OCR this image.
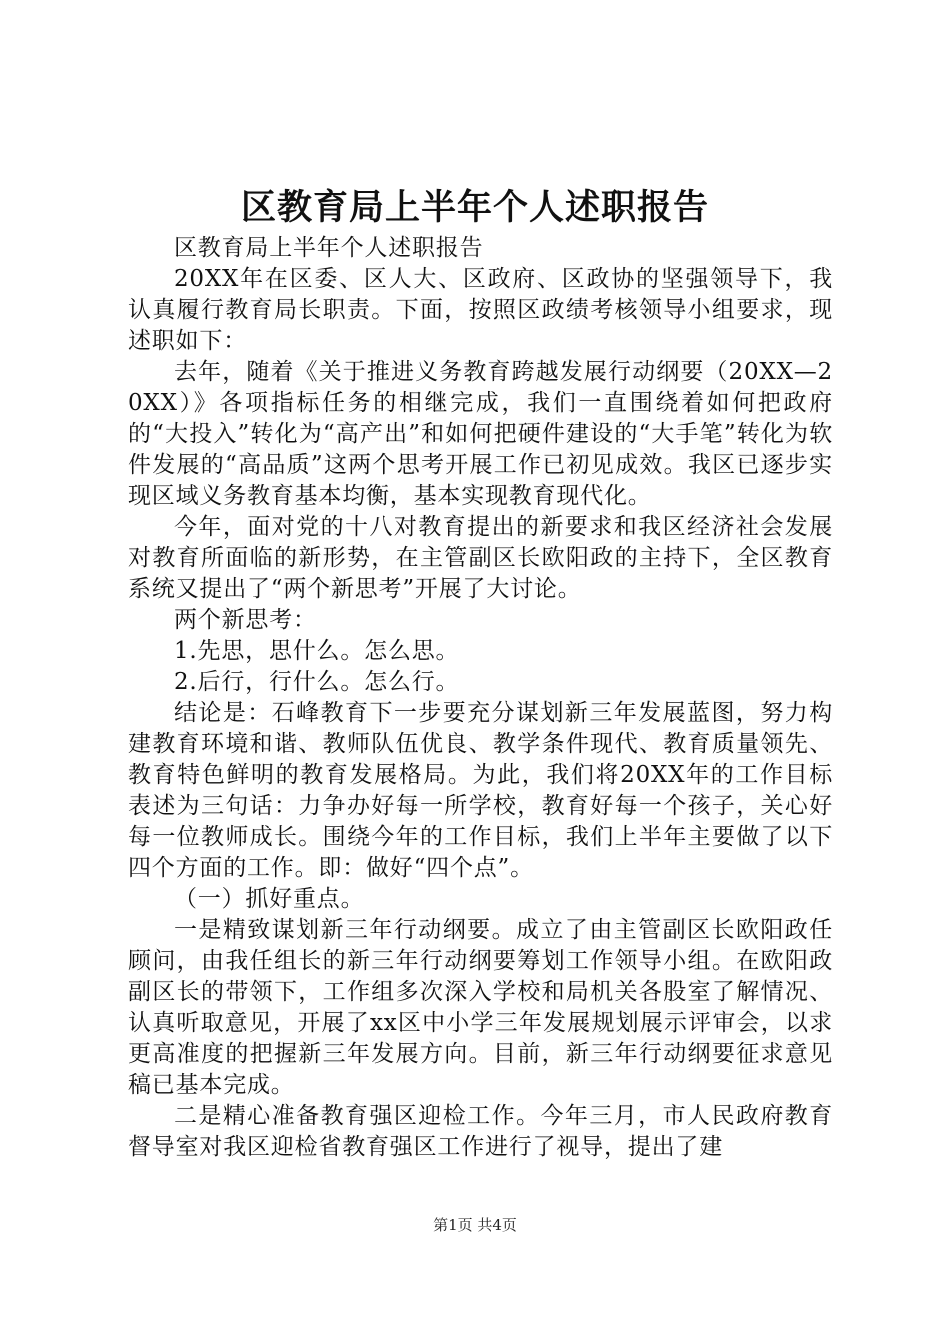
区教育局上半年个人述职报告

区教育局上半年个人述职报告

20XX年在区委、区人大、区政府、区政协的坚强领导下，我认真履行教育局长职责。下面，按照区政绩考核领导小组要求，现述职如下：

去年，随着《关于推进义务教育跨越发展行动纲要（20XX—20XX）》各项指标任务的相继完成，我们一直围绕着如何把政府的“大投入”转化为“高产出”和如何把硬件建设的“大手笔”转化为软件发展的“高品质”这两个思考开展工作已初见成效。我区已逐步实现区域义务教育基本均衡，基本实现教育现代化。

今年，面对党的十八对教育提出的新要求和我区经济社会发展对教育所面临的新形势，在主管副区长欧阳政的主持下，全区教育系统又提出了“两个新思考”开展了大讨论。

两个新思考：

1.先思，思什么。怎么思。

2.后行，行什么。怎么行。

结论是：石峰教育下一步要充分谋划新三年发展蓝图，努力构建教育环境和谐、教师队伍优良、教学条件现代、教育质量领先、教育特色鲜明的教育发展格局。为此，我们将20XX年的工作目标表述为三句话：力争办好每一所学校，教育好每一个孩子，关心好每一位教师成长。围绕今年的工作目标，我们上半年主要做了以下四个方面的工作。即：做好“四个点”。

（一）抓好重点。

一是精致谋划新三年行动纲要。成立了由主管副区长欧阳政任顾问，由我任组长的新三年行动纲要筹划工作领导小组。在欧阳政副区长的带领下，工作组多次深入学校和局机关各股室了解情况、认真听取意见，开展了xx区中小学三年发展规划展示评审会，以求更高准度的把握新三年发展方向。目前，新三年行动纲要征求意见稿已基本完成。

二是精心准备教育强区迎检工作。今年三月，市人民政府教育督导室对我区迎检省教育强区工作进行了视导，提出了建

第1页 共4页
